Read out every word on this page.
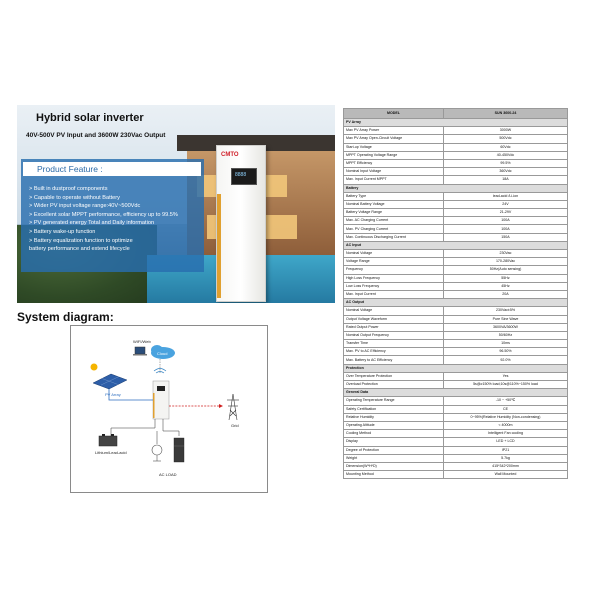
Hybrid solar inverter
40V-500V PV Input and 3600W 230Vac Output
Product Feature :
> Built in dustproof components
> Capable to operate without Battery
> Wider PV input voltage range:40V~500Vdc
> Excellent solar MPPT performance, efficiency up to 99.5%
> PV generated energy Total and Daily information
> Battery wake-up function
> Battery equalization function to optimize
battery performance and extend lifecycle
CMTO
8888
System diagram:
WIFI/Web
Cloud
PV Array
Grid
Lithium/Lead-acid
AC LOAD
MODEL	SUN 3600-24
PV Array	
Max PV Array Power	3000W
Max PV Array Open-Circuit Voltage	500Vdc
Start-up Voltage	60Vdc
MPPT Operating Voltage Range	40-450Vdc
MPPT Efficiency	99.5%
Nominal Input Voltage	360Vdc
Max. Input Current MPPT	18A
Battery	
Battery Type	lead-acid /Li-ion
Nominal Battery Voltage	24V
Battery Voltage Range	21-29V
Max. AC Charging Current	100A
Max. PV Charging Current	100A
Max. Continuous Discharging Current	150A
AC Input	
Nominal Voltage	230Vac
Voltage Range	170-280Vac
Frequency	50Hz(Auto sensing)
High Loss Frequency	55Hz
Low Loss Frequency	45Hz
Max. Input Current	20A
AC Output	
Nominal Voltage	230Vac±5%
Output Voltage Waveform	Pure Sine Wave
Rated Output Power	3600VA/3600W
Nominal Output Frequency	50/60Hz
Transfer Time	10ms
Max. PV to AC Efficiency	96.50%
Max. Battery to AC Efficiency	92.0%
Protection	
Over Temperature Protection	Yes
Overload Protection	5s@≥150% load;10s@110%~150% load
General Data	
Operating Temperature Range	-10 ~ +50℃
Safety Certification	CE
Relative Humidity	0~95%(Relative Humidity (Non-condensing)
Operating Altitude	< 4000m
Cooling Method	Intelligent Fan cooling
Display	LED + LCD
Degree of Protection	IP21
Weight	5.7kg
Dimension(W*H*D)	415*342*200mm
Mounting Method	Wall Mounted
